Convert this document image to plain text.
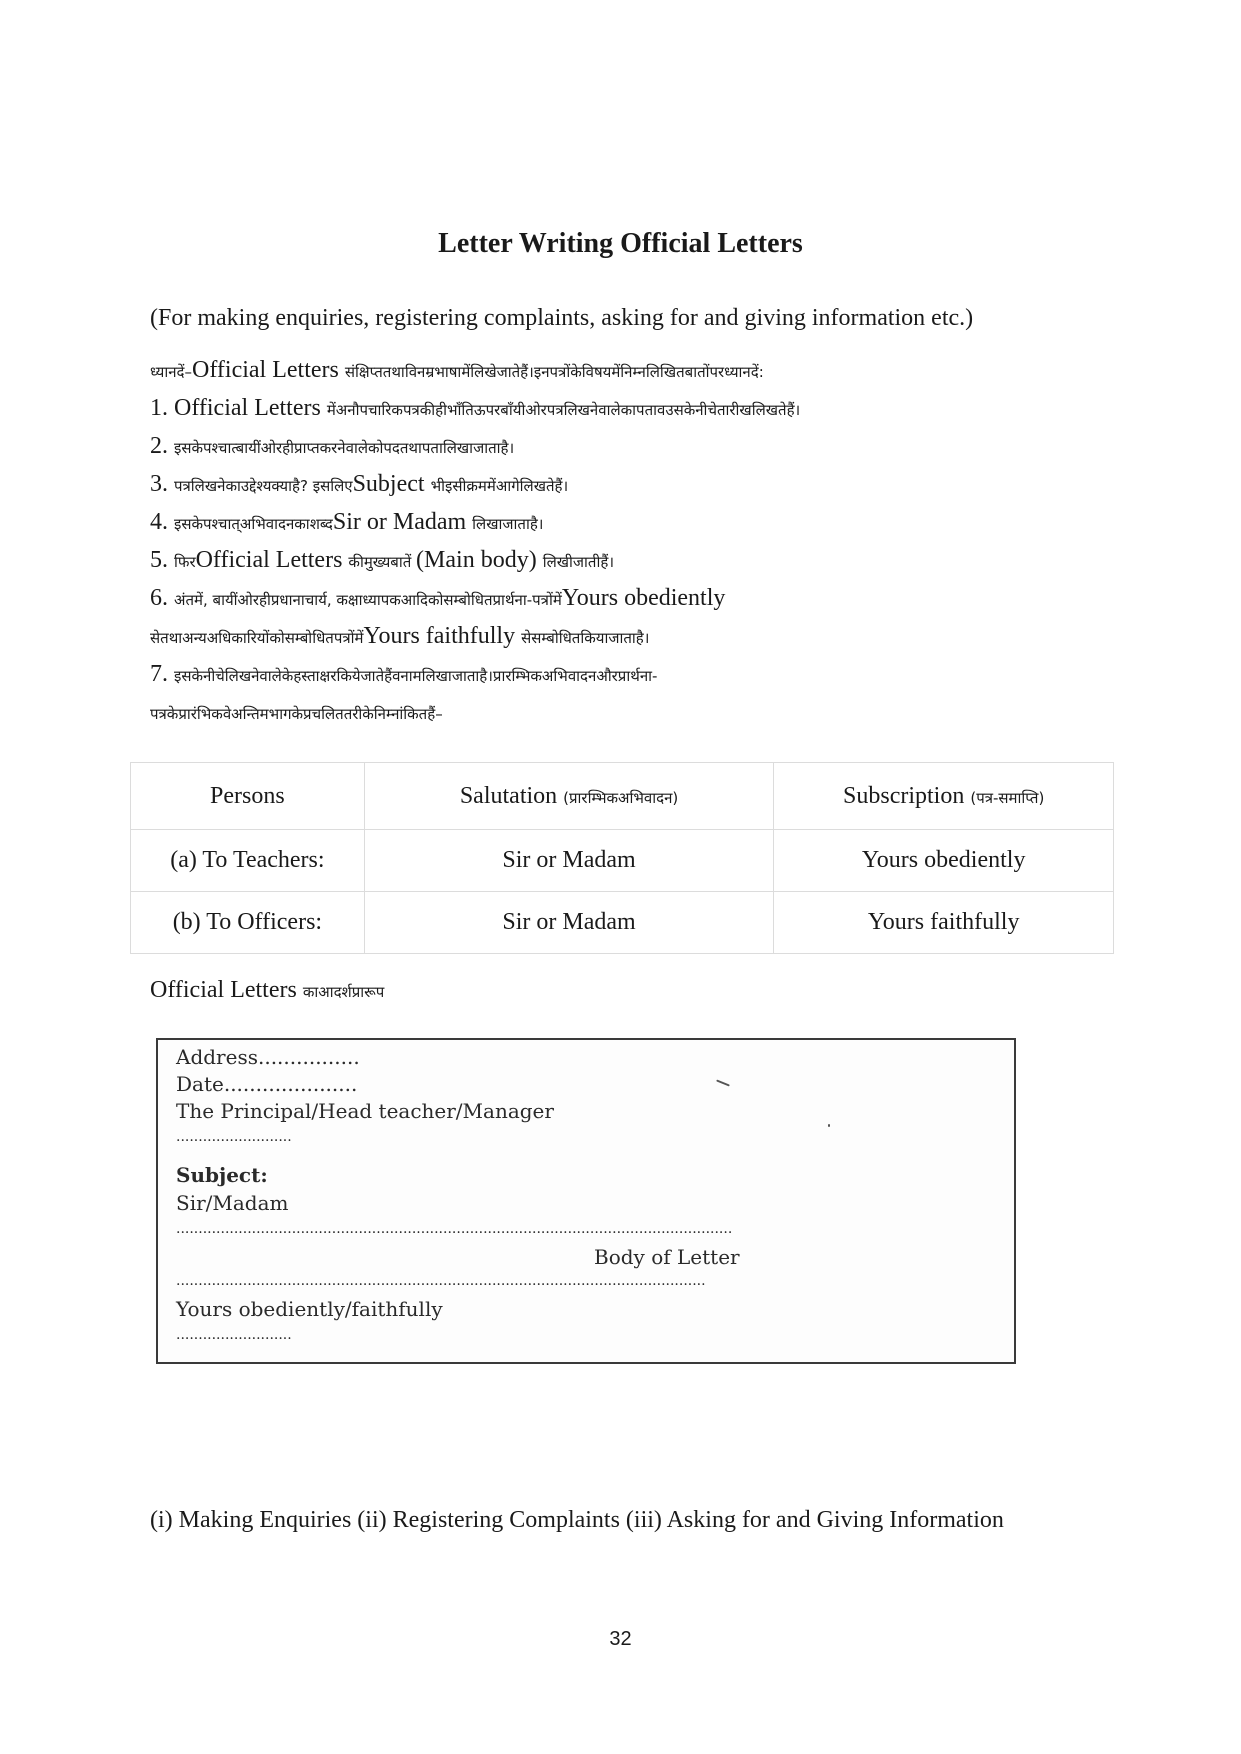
Letter Writing Official Letters
(For making enquiries, registering complaints, asking for and giving information etc.)
ध्यानदें–Official Letters संक्षिप्ततथाविनम्रभाषामेंलिखेजातेहैं।इनपत्रोंकेविषयमेंनिम्नलिखितबातोंपरध्यानदें:
1. Official Letters मेंअनौपचारिकपत्रकीहीभाँतिऊपरबाँयीओरपत्रलिखनेवालेकापतावउसकेनीचेतारीखलिखतेहैं।
2. इसकेपश्चात्बायींओरहीप्राप्तकरनेवालेकोपदतथापतालिखाजाताहै।
3. पत्रलिखनेकाउद्देश्यक्याहै? इसलिएSubject भीइसीक्रममेंआगेलिखतेहैं।
4. इसकेपश्चात्अभिवादनकाशब्दSir or Madam लिखाजाताहै।
5. फिरOfficial Letters कीमुख्यबातें (Main body) लिखीजातीहैं।
6. अंतमें, बायींओरहीप्रधानाचार्य, कक्षाध्यापकआदिकोसम्बोधितप्रार्थना-पत्रोंमेंYours obediently
सेतथाअन्यअधिकारियोंकोसम्बोधितपत्रोंमेंYours faithfully सेसम्बोधितकियाजाताहै।
7. इसकेनीचेलिखनेवालेकेहस्ताक्षरकियेजातेहैंवनामलिखाजाताहै।प्रारम्भिकअभिवादनऔरप्रार्थना-
पत्रकेप्रारंभिकवेअन्तिमभागकेप्रचलिततरीकेनिम्नांकितहैं–
Persons	Salutation (प्रारम्भिकअभिवादन)	Subscription (पत्र-समाप्ति)
(a) To Teachers:	Sir or Madam	Yours obediently
(b) To Officers:	Sir or Madam	Yours faithfully
Official Letters काआदर्शप्रारूप
Address................
Date.....................
The Principal/Head teacher/Manager
..........................
Subject:
Sir/Madam
.............................................................................................................................
Body of Letter
.......................................................................................................................
Yours obediently/faithfully
..........................
(i) Making Enquiries (ii) Registering Complaints (iii) Asking for and Giving Information
32
